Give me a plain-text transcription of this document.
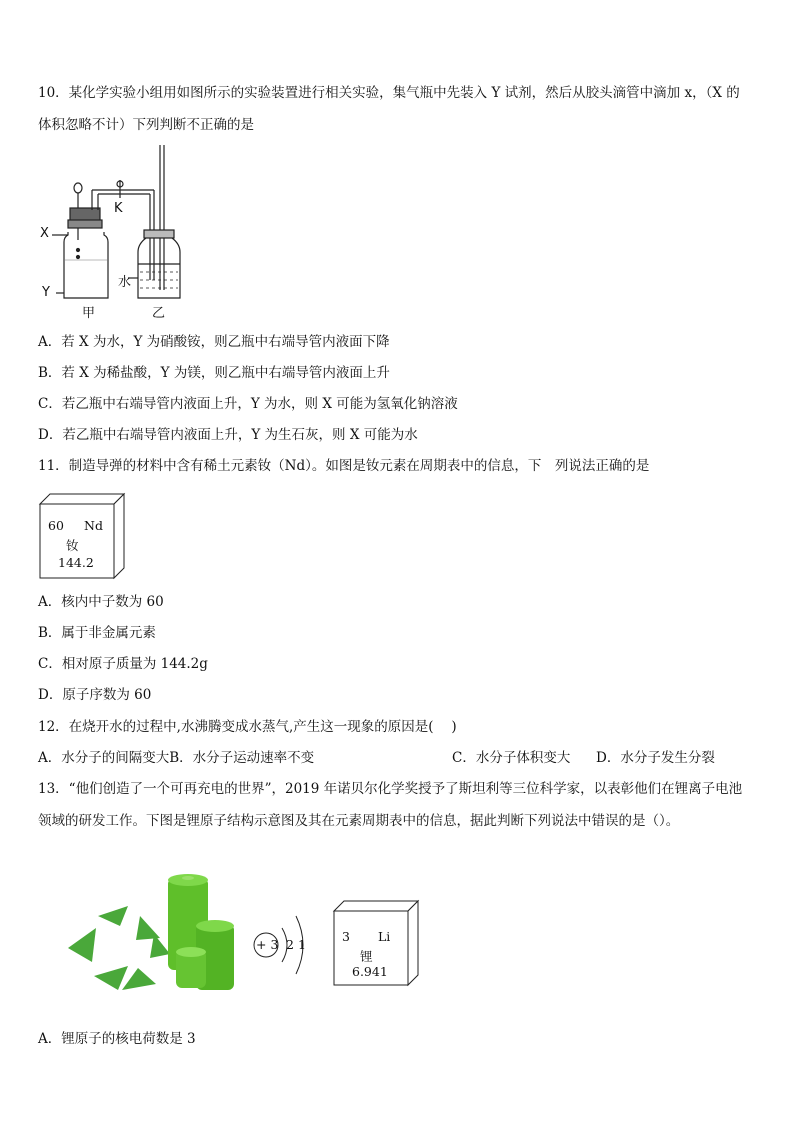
10．某化学实验小组用如图所示的实验装置进行相关实验，集气瓶中先装入 Y 试剂，然后从胶头滴管中滴加 x，（X 的
体积忽略不计）下列判断不正确的是
X
Y
K
水
甲	乙
A．若 X 为水，Y 为硝酸铵，则乙瓶中右端导管内液面下降
B．若 X 为稀盐酸，Y 为镁，则乙瓶中右端导管内液面上升
C．若乙瓶中右端导管内液面上升，Y 为水，则 X 可能为氢氧化钠溶液
D．若乙瓶中右端导管内液面上升，Y 为生石灰，则 X 可能为水
11．制造导弹的材料中含有稀土元素钕（Nd）。如图是钕元素在周期表中的信息，下　列说法正确的是
60 Nd
钕
144.2
A．核内中子数为 60
B．属于非金属元素
C．相对原子质量为 144.2g
D．原子序数为 60
12．在烧开水的过程中,水沸腾变成水蒸气,产生这一现象的原因是(　 )
A．水分子的间隔变大B．水分子运动速率不变	C．水分子体积变大 D．水分子发生分裂
13．“他们创造了一个可再充电的世界”，2019 年诺贝尔化学奖授予了斯坦利等三位科学家，以表彰他们在锂离子电池
领域的研发工作。下图是锂原子结构示意图及其在元素周期表中的信息，据此判断下列说法中错误的是（）。
+ 3 2 1
3 Li
锂
6.941
A．锂原子的核电荷数是 3
